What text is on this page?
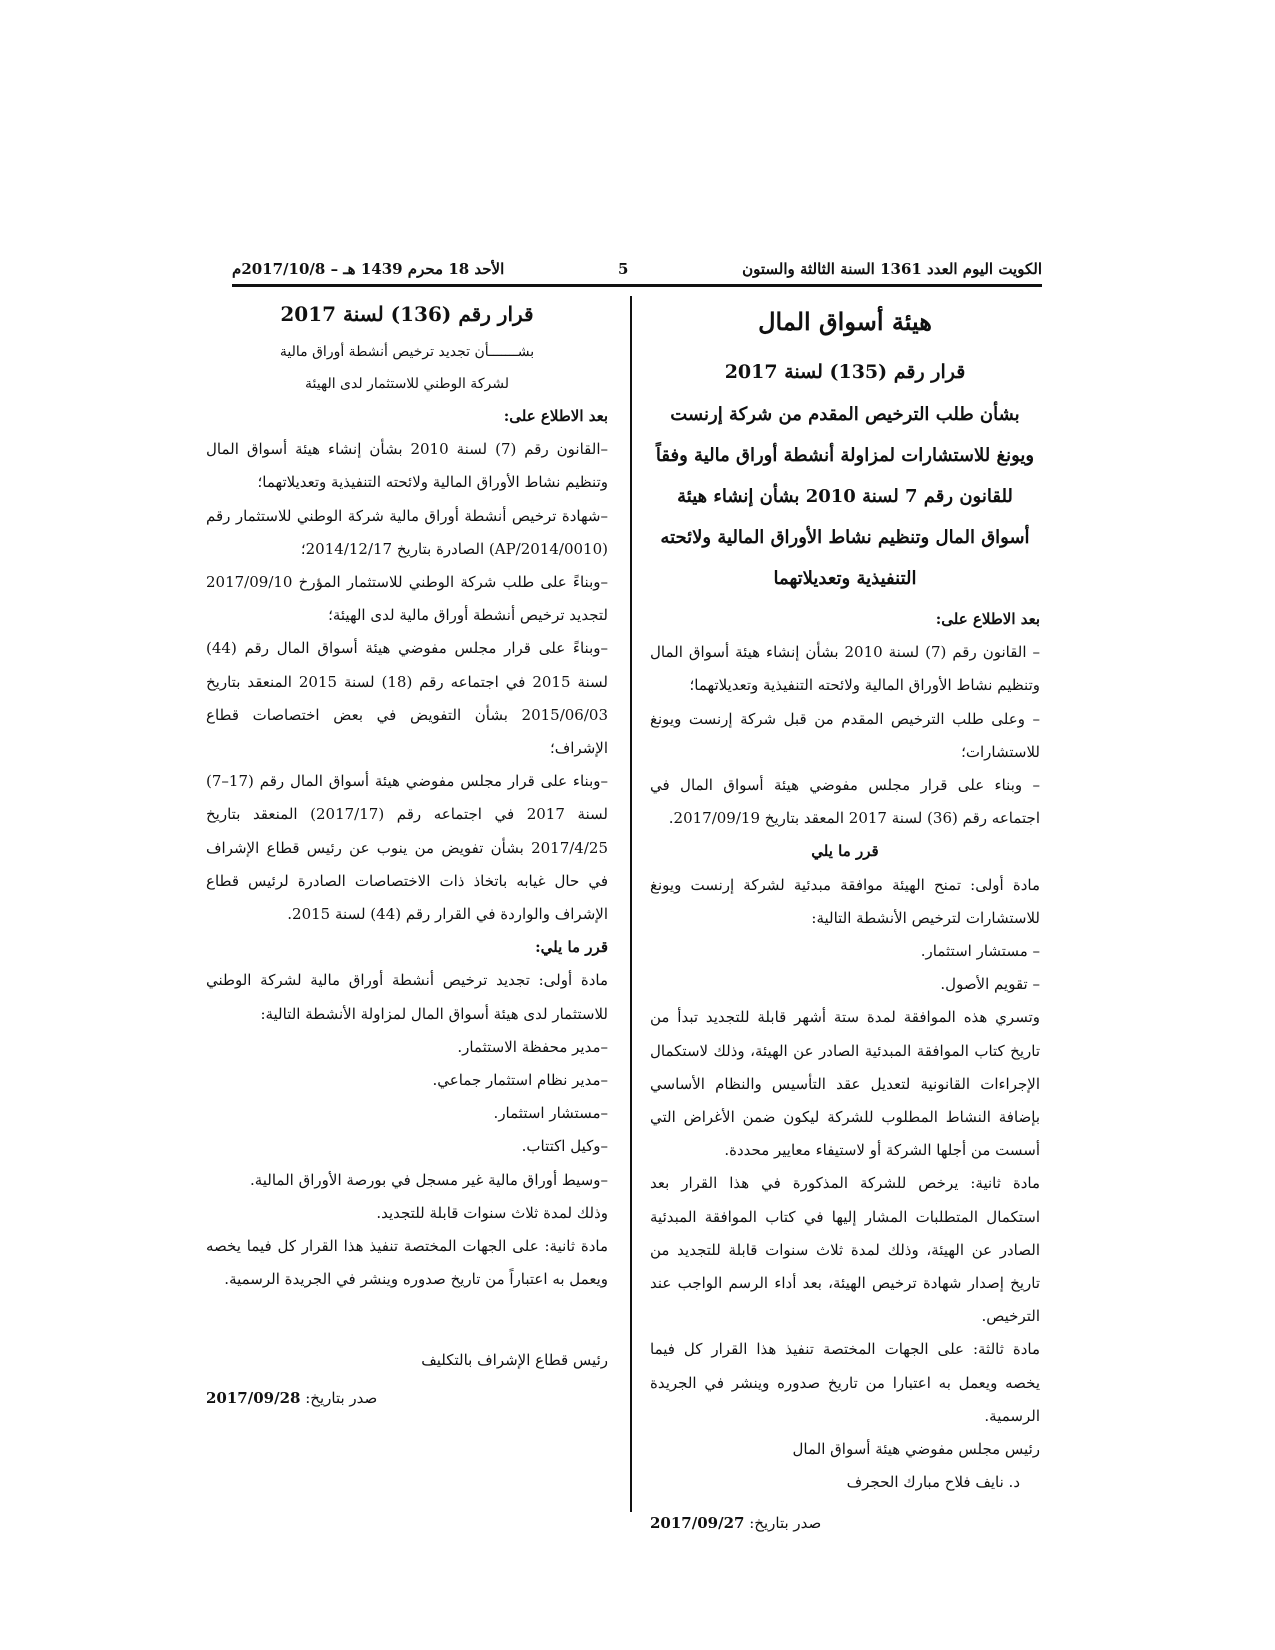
الكويت اليوم العدد 1361 السنة الثالثة والستون
5
الأحد 18 محرم 1439 هـ – 2017/10/8م

هيئة أسواق المال

قرار رقم (135) لسنة 2017

بشأن طلب الترخيص المقدم من شركة إرنست ويونغ للاستشارات لمزاولة أنشطة أوراق مالية وفقاً للقانون رقم 7 لسنة 2010 بشأن إنشاء هيئة أسواق المال وتنظيم نشاط الأوراق المالية ولائحته التنفيذية وتعديلاتهما

بعد الاطلاع على:

– القانون رقم (7) لسنة 2010 بشأن إنشاء هيئة أسواق المال وتنظيم نشاط الأوراق المالية ولائحته التنفيذية وتعديلاتهما؛

– وعلى طلب الترخيص المقدم من قبل شركة إرنست ويونغ للاستشارات؛

– وبناء على قرار مجلس مفوضي هيئة أسواق المال في اجتماعه رقم (36) لسنة 2017 المعقد بتاريخ 2017/09/19.

قرر ما يلي

مادة أولى: تمنح الهيئة موافقة مبدئية لشركة إرنست ويونغ للاستشارات لترخيص الأنشطة التالية:

– مستشار استثمار.

– تقويم الأصول.

وتسري هذه الموافقة لمدة ستة أشهر قابلة للتجديد تبدأ من تاريخ كتاب الموافقة المبدئية الصادر عن الهيئة، وذلك لاستكمال الإجراءات القانونية لتعديل عقد التأسيس والنظام الأساسي بإضافة النشاط المطلوب للشركة ليكون ضمن الأغراض التي أسست من أجلها الشركة أو لاستيفاء معايير محددة.

مادة ثانية: يرخص للشركة المذكورة في هذا القرار بعد استكمال المتطلبات المشار إليها في كتاب الموافقة المبدئية الصادر عن الهيئة، وذلك لمدة ثلاث سنوات قابلة للتجديد من تاريخ إصدار شهادة ترخيص الهيئة، بعد أداء الرسم الواجب عند الترخيص.

مادة ثالثة: على الجهات المختصة تنفيذ هذا القرار كل فيما يخصه ويعمل به اعتبارا من تاريخ صدوره وينشر في الجريدة الرسمية.

رئيس مجلس مفوضي هيئة أسواق المال

د. نايف فلاح مبارك الحجرف

صدر بتاريخ: 2017/09/27

قرار رقم (136) لسنة 2017

بشـــــــأن تجديد ترخيص أنشطة أوراق مالية

لشركة الوطني للاستثمار لدى الهيئة

بعد الاطلاع على:

–القانون رقم (7) لسنة 2010 بشأن إنشاء هيئة أسواق المال وتنظيم نشاط الأوراق المالية ولائحته التنفيذية وتعديلاتهما؛

–شهادة ترخيص أنشطة أوراق مالية شركة الوطني للاستثمار رقم (AP/2014/0010) الصادرة بتاريخ 2014/12/17؛

–وبناءً على طلب شركة الوطني للاستثمار المؤرخ 2017/09/10 لتجديد ترخيص أنشطة أوراق مالية لدى الهيئة؛

–وبناءً على قرار مجلس مفوضي هيئة أسواق المال رقم (44) لسنة 2015 في اجتماعه رقم (18) لسنة 2015 المنعقد بتاريخ 2015/06/03 بشأن التفويض في بعض اختصاصات قطاع الإشراف؛

–وبناء على قرار مجلس مفوضي هيئة أسواق المال رقم (17–7) لسنة 2017 في اجتماعه رقم (2017/17) المنعقد بتاريخ 2017/4/25 بشأن تفويض من ينوب عن رئيس قطاع الإشراف في حال غيابه باتخاذ ذات الاختصاصات الصادرة لرئيس قطاع الإشراف والواردة في القرار رقم (44) لسنة 2015.

قرر ما يلي:

مادة أولى: تجديد ترخيص أنشطة أوراق مالية لشركة الوطني للاستثمار لدى هيئة أسواق المال لمزاولة الأنشطة التالية:

–مدير محفظة الاستثمار.

–مدير نظام استثمار جماعي.

–مستشار استثمار.

–وكيل اكتتاب.

–وسيط أوراق مالية غير مسجل في بورصة الأوراق المالية.

وذلك لمدة ثلاث سنوات قابلة للتجديد.

مادة ثانية: على الجهات المختصة تنفيذ هذا القرار كل فيما يخصه ويعمل به اعتباراً من تاريخ صدوره وينشر في الجريدة الرسمية.

رئيس قطاع الإشراف بالتكليف

صدر بتاريخ: 2017/09/28
